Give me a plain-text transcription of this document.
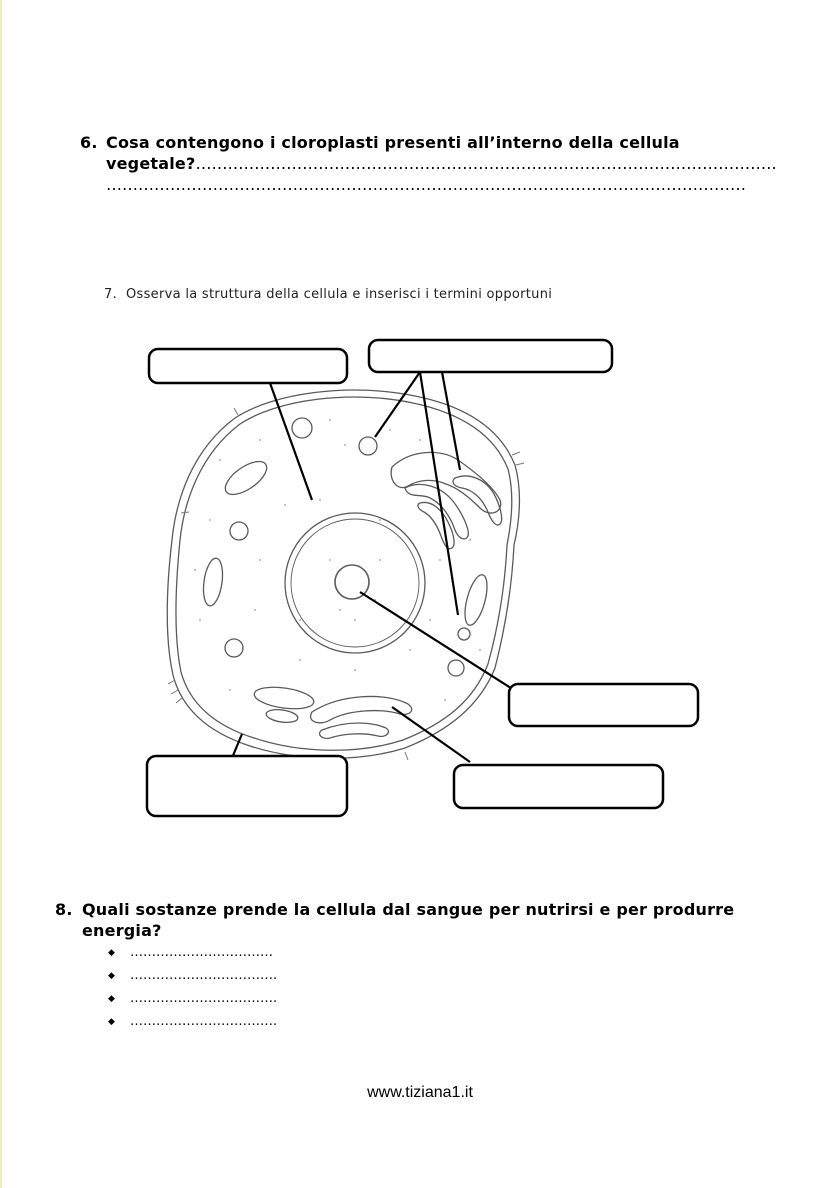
6. Cosa contengono i cloroplasti presenti all’interno della cellula
vegetale?……………………………………………………………………………………………….
…………………………………………………………………………………………………………
7. Osserva la struttura della cellula e inserisci i termini opportuni
8. Quali sostanze prende la cellula dal sangue per nutrirsi e per produrre
energia?
◆ ……………………………
◆ …………………………….
◆ …………………………….
◆ …………………………….
www.tiziana1.it
